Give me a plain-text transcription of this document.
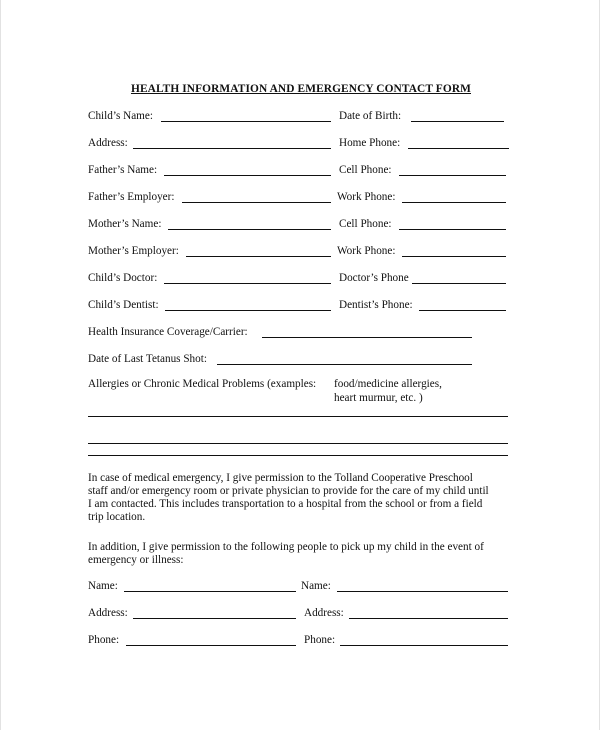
HEALTH INFORMATION AND EMERGENCY CONTACT FORM
Child’s Name:	Date of Birth:
Address:	Home Phone:
Father’s Name:	Cell Phone:
Father’s Employer:	Work Phone:
Mother’s Name:	Cell Phone:
Mother’s Employer:	Work Phone:
Child’s Doctor:	Doctor’s Phone
Child’s Dentist:	Dentist’s Phone:
Health Insurance Coverage/Carrier:
Date of Last Tetanus Shot:
Allergies or Chronic Medical Problems (examples: food/medicine allergies,
heart murmur, etc. )
In case of medical emergency, I give permission to the Tolland Cooperative Preschool
staff and/or emergency room or private physician to provide for the care of my child until
I am contacted. This includes transportation to a hospital from the school or from a field
trip location.
In addition, I give permission to the following people to pick up my child in the event of
emergency or illness:
Name:	Name:
Address:	Address:
Phone:	Phone:
